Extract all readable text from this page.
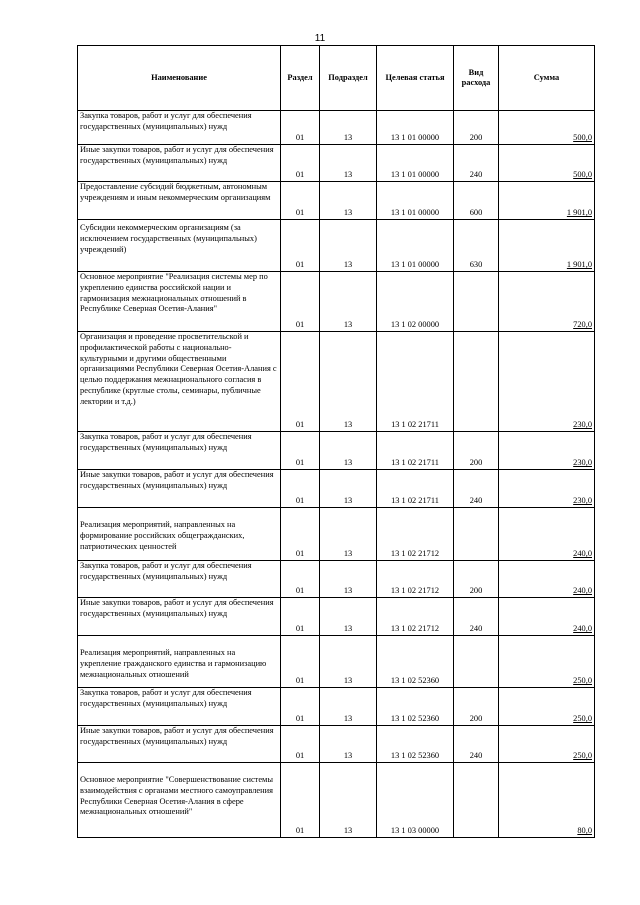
11
Наименование	Раздел	Подраздел	Целевая статья	Вид расхода	Сумма
Закупка товаров, работ и услуг для обеспечения государственных (муниципальных) нужд	01	13	13 1 01 00000	200	500,0
Иные закупки товаров, работ и услуг для обеспечения государственных (муниципальных) нужд	01	13	13 1 01 00000	240	500,0
Предоставление субсидий бюджетным, автономным учреждениям и иным некоммерческим организациям	01	13	13 1 01 00000	600	1 901,0
Субсидии некоммерческим организациям (за исключением государственных (муниципальных) учреждений)	01	13	13 1 01 00000	630	1 901,0
Основное мероприятие "Реализация системы мер по укреплению единства российской нации и гармонизация межнациональных отношений в Республике Северная Осетия-Алания"	01	13	13 1 02 00000		720,0
Организация и проведение просветительской и профилактической работы с национально-культурными и другими общественными организациями Республики Северная Осетия-Алания с целью поддержания межнационального согласия в республике (круглые столы, семинары, публичные лектории и т.д.)	01	13	13 1 02 21711		230,0
Закупка товаров, работ и услуг для обеспечения государственных (муниципальных) нужд	01	13	13 1 02 21711	200	230,0
Иные закупки товаров, работ и услуг для обеспечения государственных (муниципальных) нужд	01	13	13 1 02 21711	240	230,0
Реализация мероприятий, направленных на формирование российских общегражданских, патриотических ценностей	01	13	13 1 02 21712		240,0
Закупка товаров, работ и услуг для обеспечения государственных (муниципальных) нужд	01	13	13 1 02 21712	200	240,0
Иные закупки товаров, работ и услуг для обеспечения государственных (муниципальных) нужд	01	13	13 1 02 21712	240	240,0
Реализация мероприятий, направленных на укрепление гражданского единства и гармонизацию межнациональных отношений	01	13	13 1 02 52360		250,0
Закупка товаров, работ и услуг для обеспечения государственных (муниципальных) нужд	01	13	13 1 02 52360	200	250,0
Иные закупки товаров, работ и услуг для обеспечения государственных (муниципальных) нужд	01	13	13 1 02 52360	240	250,0
Основное мероприятие "Совершенствование системы взаимодействия с органами местного самоуправления Республики Северная Осетия-Алания в сфере межнациональных отношений"	01	13	13 1 03 00000		80,0
